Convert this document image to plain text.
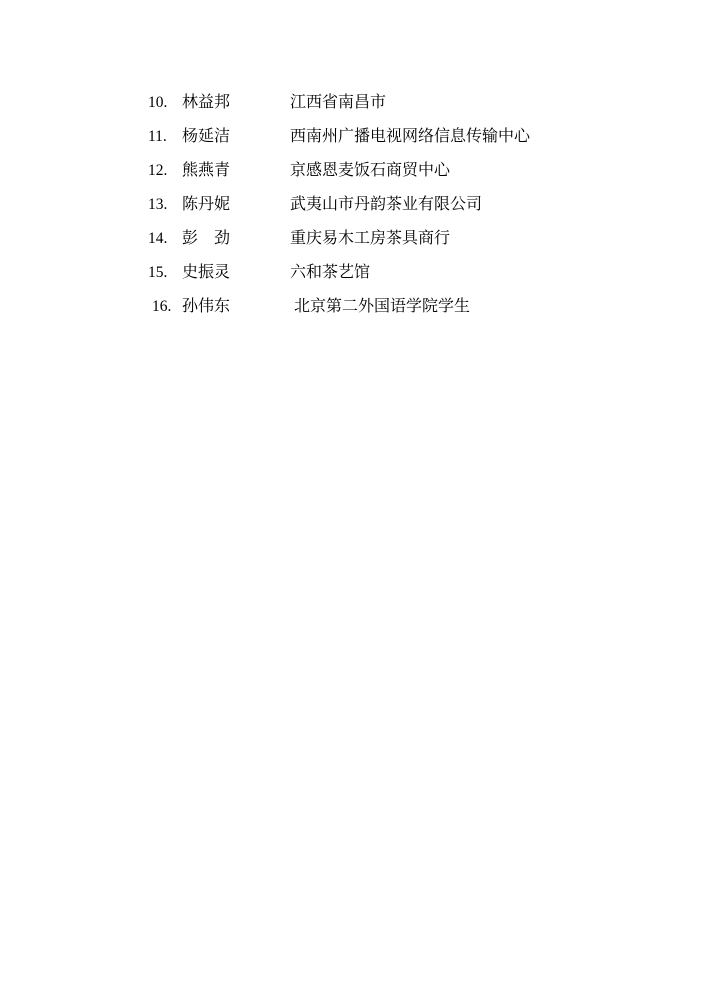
10. 林益邦	江西省南昌市
11. 杨延洁	西南州广播电视网络信息传输中心
12. 熊燕青	京感恩麦饭石商贸中心
13. 陈丹妮	武夷山市丹韵茶业有限公司
14. 彭　劲	重庆易木工房茶具商行
15. 史振灵	六和茶艺馆
16. 孙伟东	北京第二外国语学院学生
